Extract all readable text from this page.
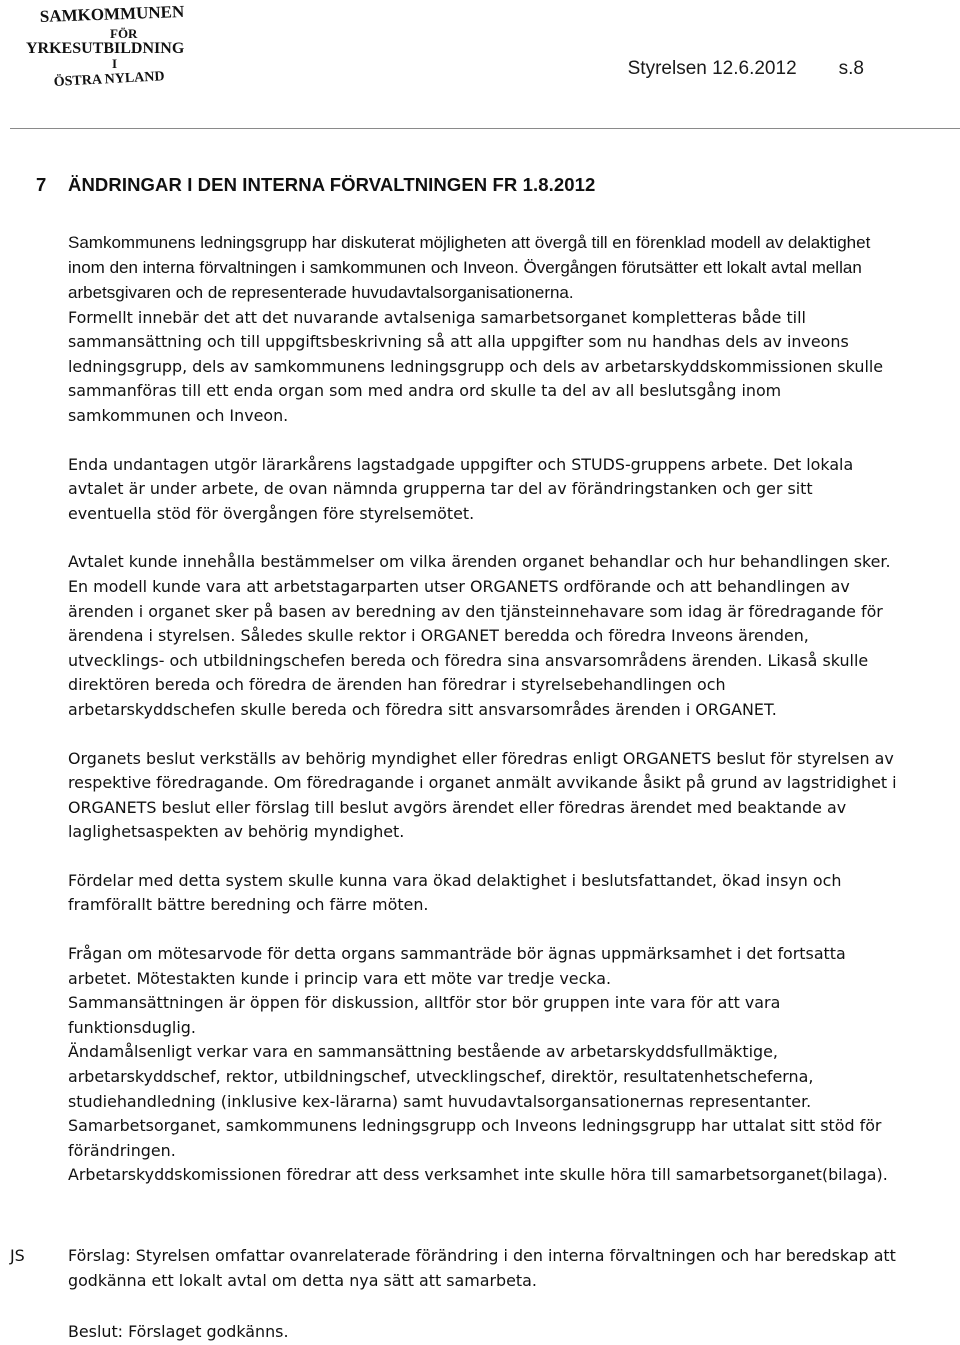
SAMKOMMUNEN
FÖR
YRKESUTBILDNING
I
ÖSTRA NYLAND
Styrelsen 12.6.2012 s.8
7 ÄNDRINGAR I DEN INTERNA FÖRVALTNINGEN FR 1.8.2012

Samkommunens ledningsgrupp har diskuterat möjligheten att övergå till en förenklad modell av delaktighet inom den interna förvaltningen i samkommunen och Inveon. Övergången förutsätter ett lokalt avtal mellan arbetsgivaren och de representerade huvudavtalsorganisationerna.

Formellt innebär det att det nuvarande avtalseniga samarbetsorganet kompletteras både till sammansättning och till uppgiftsbeskrivning så att alla uppgifter som nu handhas dels av inveons ledningsgrupp, dels av samkommunens ledningsgrupp och dels av arbetarskyddskommissionen skulle sammanföras till ett enda organ som med andra ord skulle ta del av all beslutsgång inom samkommunen och Inveon.

Enda undantagen utgör lärarkårens lagstadgade uppgifter och STUDS-gruppens arbete. Det lokala avtalet är under arbete, de ovan nämnda grupperna tar del av förändringstanken och ger sitt eventuella stöd för övergången före styrelsemötet.

Avtalet kunde innehålla bestämmelser om vilka ärenden organet behandlar och hur behandlingen sker. En modell kunde vara att arbetstagarparten utser ORGANETS ordförande och att behandlingen av ärenden i organet sker på basen av beredning av den tjänsteinnehavare som idag är föredragande för ärendena i styrelsen. Således skulle rektor i ORGANET beredda och föredra Inveons ärenden, utvecklings- och utbildningschefen bereda och föredra sina ansvarsområdens ärenden. Likaså skulle direktören bereda och föredra de ärenden han föredrar i styrelsebehandlingen och arbetarskyddschefen skulle bereda och föredra sitt ansvarsområdes ärenden i ORGANET.

Organets beslut verkställs av behörig myndighet eller föredras enligt ORGANETS beslut för styrelsen av respektive föredragande. Om föredragande i organet anmält avvikande åsikt på grund av lagstridighet i ORGANETS beslut eller förslag till beslut avgörs ärendet eller föredras ärendet med beaktande av laglighetsaspekten av behörig myndighet.

Fördelar med detta system skulle kunna vara ökad delaktighet i beslutsfattandet, ökad insyn och framförallt bättre beredning och färre möten.

Frågan om mötesarvode för detta organs sammanträde bör ägnas uppmärksamhet i det fortsatta arbetet. Mötestakten kunde i princip vara ett möte var tredje vecka.

Sammansättningen är öppen för diskussion, alltför stor bör gruppen inte vara för att vara funktionsduglig.

Ändamålsenligt verkar vara en sammansättning bestående av arbetarskyddsfullmäktige, arbetarskyddschef, rektor, utbildningschef, utvecklingschef, direktör, resultatenhetscheferna, studiehandledning (inklusive kex-lärarna) samt huvudavtalsorgansationernas representanter.

Samarbetsorganet, samkommunens ledningsgrupp och Inveons ledningsgrupp har uttalat sitt stöd för förändringen.

Arbetarskyddskomissionen föredrar att dess verksamhet inte skulle höra till samarbetsorganet(bilaga).

JS	Förslag: Styrelsen omfattar ovanrelaterade förändring i den interna förvaltningen och har beredskap att godkänna ett lokalt avtal om detta nya sätt att samarbeta.

Beslut: Förslaget godkänns.
